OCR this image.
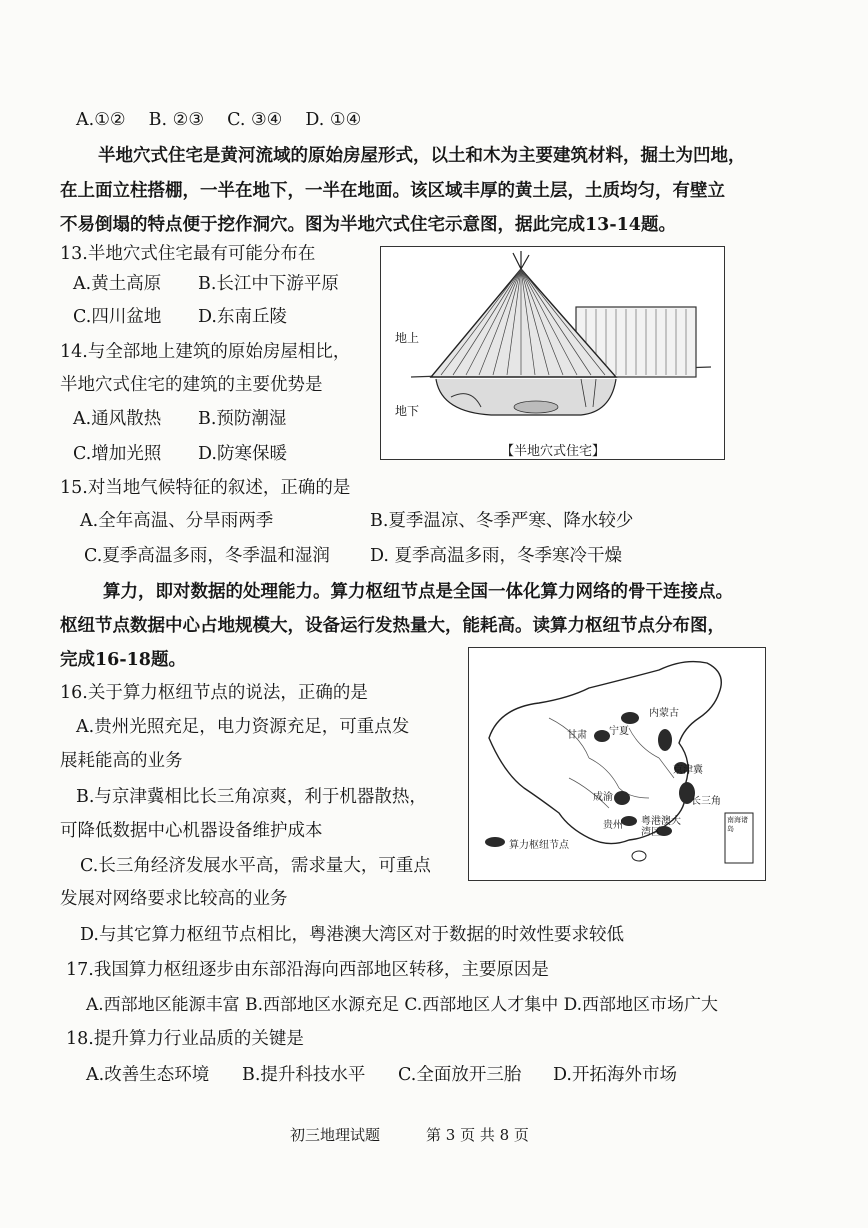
A.①②　 B. ②③　 C. ③④　 D. ①④
半地穴式住宅是黄河流域的原始房屋形式，以土和木为主要建筑材料，掘土为凹地，
在上面立柱搭棚，一半在地下，一半在地面。该区域丰厚的黄土层，土质均匀，有壁立
不易倒塌的特点便于挖作洞穴。图为半地穴式住宅示意图，据此完成13-14题。
13.半地穴式住宅最有可能分布在
A.黄土高原 B.长江中下游平原
C.四川盆地 D.东南丘陵
14.与全部地上建筑的原始房屋相比，
半地穴式住宅的建筑的主要优势是
A.通风散热 B.预防潮湿
C.增加光照 D.防寒保暖
地上
地下
【半地穴式住宅】
15.对当地气候特征的叙述，正确的是
A.全年高温、分旱雨两季	B.夏季温凉、冬季严寒、降水较少
C.夏季高温多雨，冬季温和湿润 D. 夏季高温多雨，冬季寒冷干燥
算力，即对数据的处理能力。算力枢纽节点是全国一体化算力网络的骨干连接点。
枢纽节点数据中心占地规模大，设备运行发热量大，能耗高。读算力枢纽节点分布图，
完成16-18题。
内蒙古
甘肃 宁夏
京津冀
成渝	长三角
贵州 粤港澳大湾区
南海诸岛
算力枢纽节点
16.关于算力枢纽节点的说法，正确的是
A.贵州光照充足，电力资源充足，可重点发
展耗能高的业务
B.与京津冀相比长三角凉爽，利于机器散热，
可降低数据中心机器设备维护成本
C.长三角经济发展水平高，需求量大，可重点
发展对网络要求比较高的业务
D.与其它算力枢纽节点相比，粤港澳大湾区对于数据的时效性要求较低
17.我国算力枢纽逐步由东部沿海向西部地区转移，主要原因是
A.西部地区能源丰富 B.西部地区水源充足 C.西部地区人才集中 D.西部地区市场广大
18.提升算力行业品质的关键是
A.改善生态环境 B.提升科技水平 C.全面放开三胎 D.开拓海外市场
初三地理试题	第 3 页 共 8 页
